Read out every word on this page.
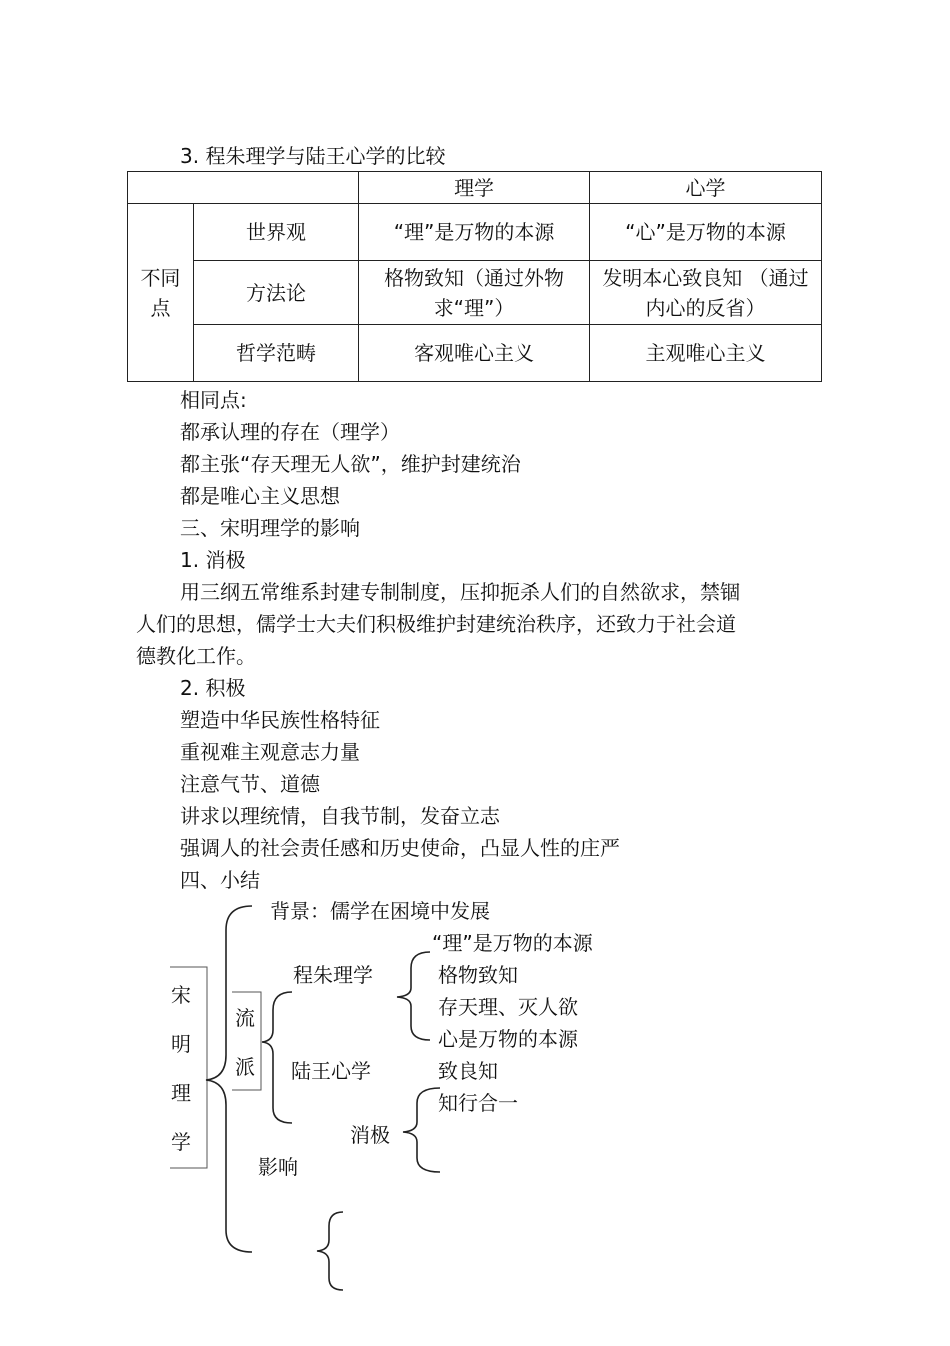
3. 程朱理学与陆王心学的比较
		理学	心学

不同点	世界观	“理”是万物的本源	“心”是万物的本源
	方法论	格物致知（通过外物求“理”）	发明本心致良知 （通过内心的反省）

	哲学范畴	客观唯心主义	主观唯心主义
相同点:
都承认理的存在（理学）
都主张“存天理无人欲”，维护封建统治
都是唯心主义思想
三、宋明理学的影响
1. 消极
用三纲五常维系封建专制制度，压抑扼杀人们的自然欲求，禁锢
人们的思想，儒学士大夫们积极维护封建统治秩序，还致力于社会道
德教化工作。
2. 积极
塑造中华民族性格特征
重视难主观意志力量
注意气节、道德
讲求以理统情，自我节制，发奋立志
强调人的社会责任感和历史使命，凸显人性的庄严
四、小结
宋
明
理
学
流
派
背景：儒学在困境中发展
程朱理学
陆王心学
“理”是万物的本源
格物致知
存天理、灭人欲
心是万物的本源
致良知
知行合一
消极
影响
